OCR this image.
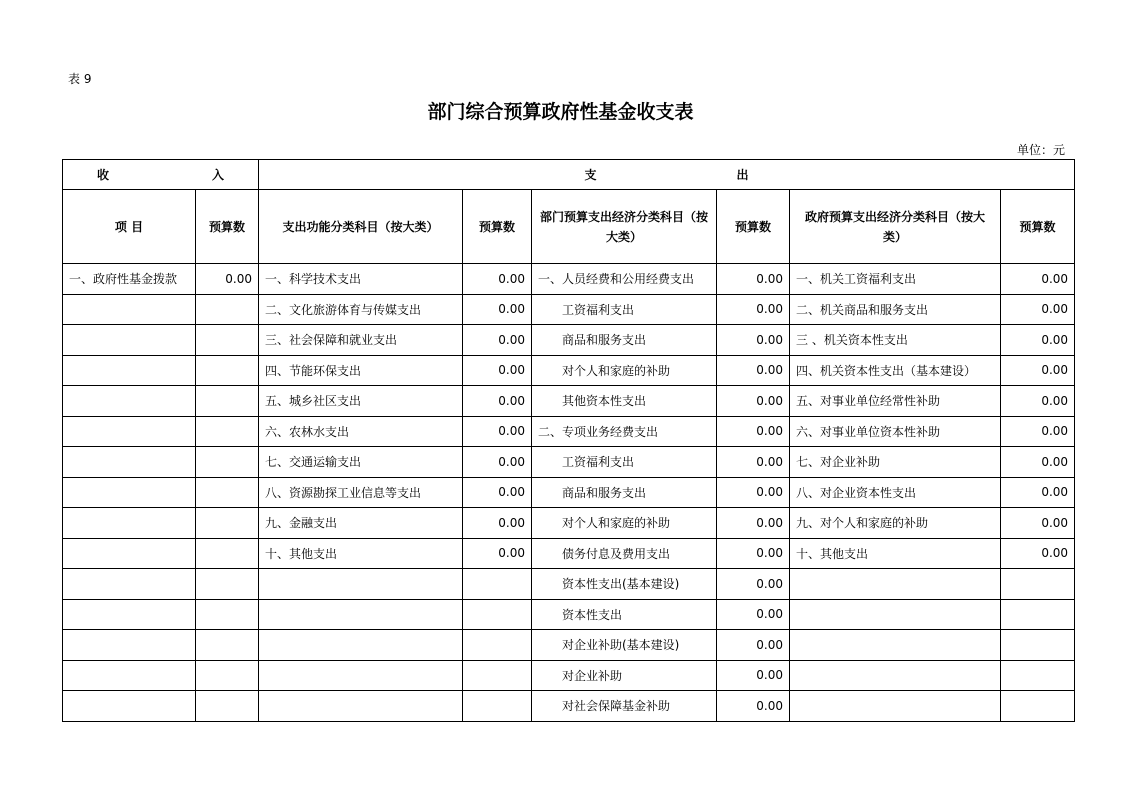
表 9
部门综合预算政府性基金收支表
单位：元
收 入		支 出					

项 目	预算数	支出功能分类科目（按大类）	预算数	部门预算支出经济分类科目（按大类）	预算数	政府预算支出经济分类科目（按大类）	预算数
一、政府性基金拨款	0.00	一、科学技术支出	0.00	一、人员经费和公用经费支出	0.00	一、机关工资福利支出	0.00
		二、文化旅游体育与传媒支出	0.00	工资福利支出	0.00	二、机关商品和服务支出	0.00
		三、社会保障和就业支出	0.00	商品和服务支出	0.00	三 、机关资本性支出	0.00
		四、节能环保支出	0.00	对个人和家庭的补助	0.00	四、机关资本性支出（基本建设）	0.00
		五、城乡社区支出	0.00	其他资本性支出	0.00	五、对事业单位经常性补助	0.00
		六、农林水支出	0.00	二、专项业务经费支出	0.00	六、对事业单位资本性补助	0.00
		七、交通运输支出	0.00	工资福利支出	0.00	七、对企业补助	0.00
		八、资源勘探工业信息等支出	0.00	商品和服务支出	0.00	八、对企业资本性支出	0.00
		九、金融支出	0.00	对个人和家庭的补助	0.00	九、对个人和家庭的补助	0.00
		十、其他支出	0.00	债务付息及费用支出	0.00	十、其他支出	0.00
				资本性支出(基本建设)	0.00		
				资本性支出	0.00		
				对企业补助(基本建设)	0.00		
				对企业补助	0.00		
				对社会保障基金补助	0.00		
